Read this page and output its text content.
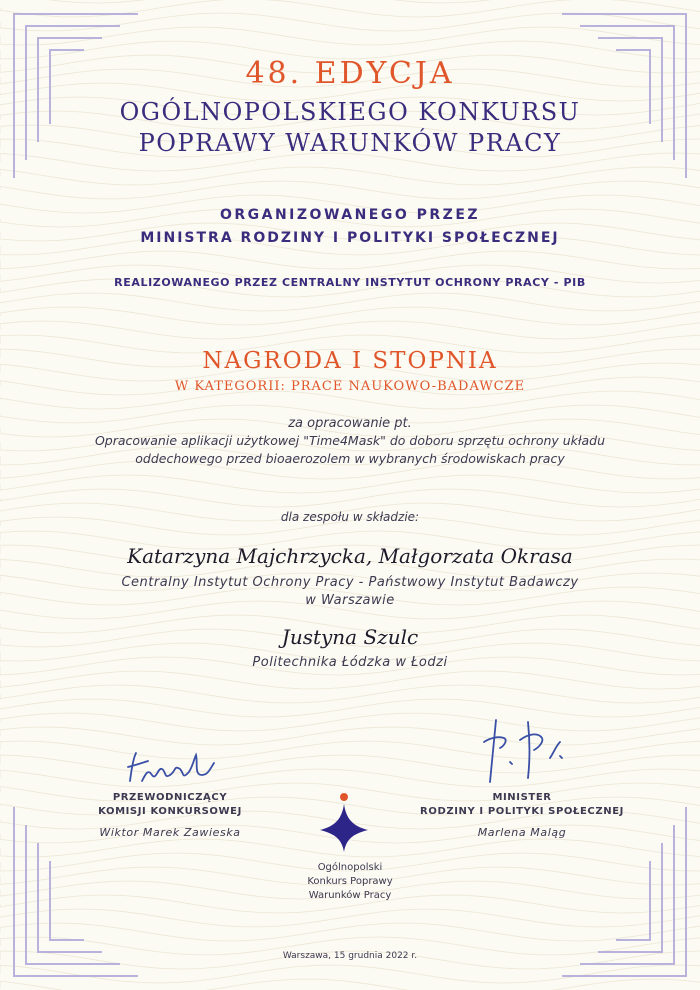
48. EDYCJA
OGÓLNOPOLSKIEGO KONKURSU
POPRAWY WARUNKÓW PRACY
ORGANIZOWANEGO PRZEZ
MINISTRA RODZINY I POLITYKI SPOŁECZNEJ
REALIZOWANEGO PRZEZ CENTRALNY INSTYTUT OCHRONY PRACY - PIB
NAGRODA I STOPNIA
W KATEGORII: PRACE NAUKOWO-BADAWCZE
za opracowanie pt.
Opracowanie aplikacji użytkowej "Time4Mask" do doboru sprzętu ochrony układu
oddechowego przed bioaerozolem w wybranych środowiskach pracy
dla zespołu w składzie:
Katarzyna Majchrzycka, Małgorzata Okrasa
Centralny Instytut Ochrony Pracy - Państwowy Instytut Badawczy
w Warszawie
Justyna Szulc
Politechnika Łódzka w Łodzi
PRZEWODNICZĄCY
KOMISJI KONKURSOWEJ
Wiktor Marek Zawieska
MINISTER
RODZINY I POLITYKI SPOŁECZNEJ
Marlena Maląg
Ogólnopolski
Konkurs Poprawy
Warunków Pracy
Warszawa, 15 grudnia 2022 r.
